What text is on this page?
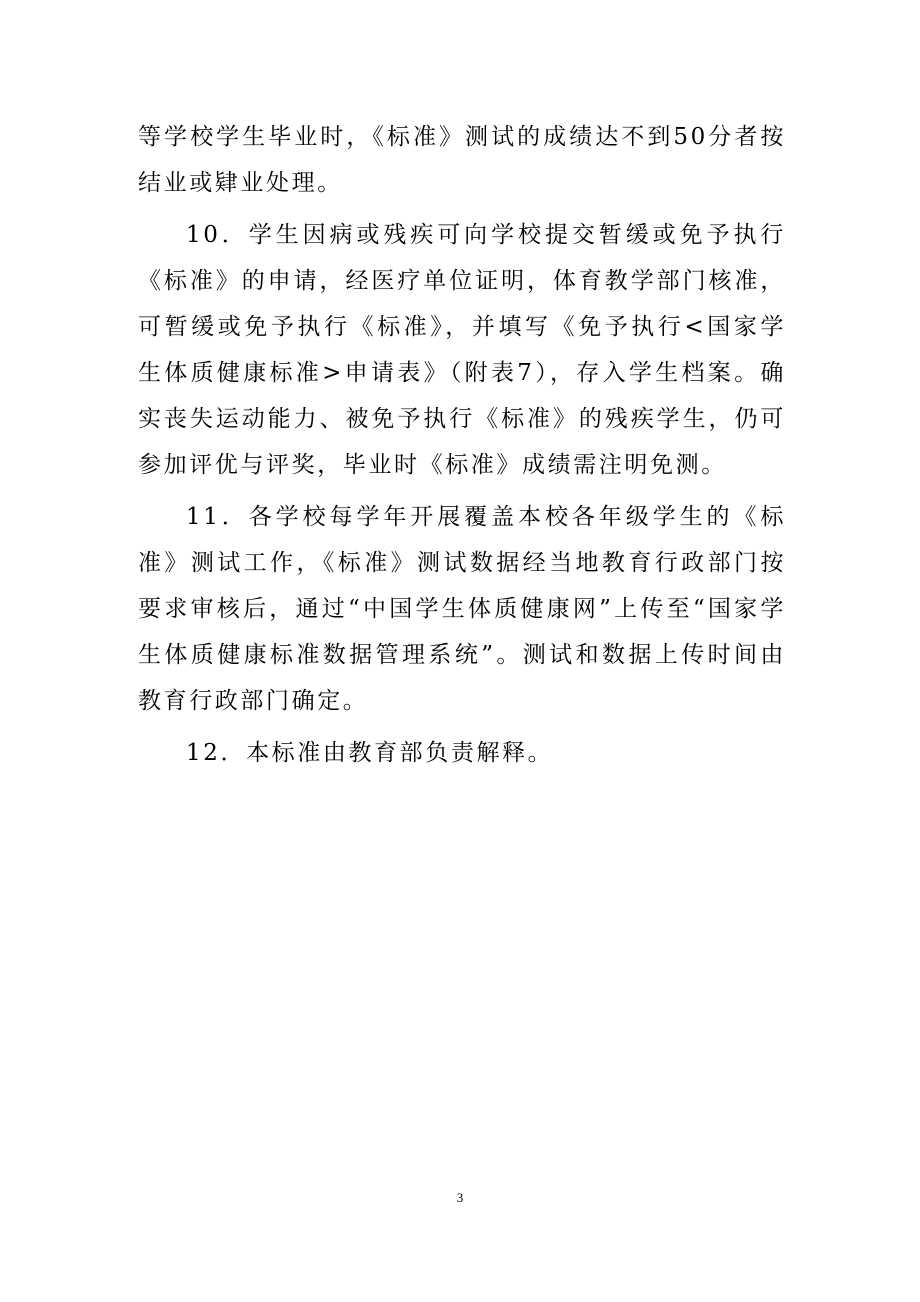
等学校学生毕业时，《标准》测试的成绩达不到50分者按结业或肄业处理。

10．学生因病或残疾可向学校提交暂缓或免予执行《标准》的申请，经医疗单位证明，体育教学部门核准，可暂缓或免予执行《标准》，并填写《免予执行<国家学生体质健康标准>申请表》（附表7），存入学生档案。确实丧失运动能力、被免予执行《标准》的残疾学生，仍可参加评优与评奖，毕业时《标准》成绩需注明免测。

11．各学校每学年开展覆盖本校各年级学生的《标准》测试工作，《标准》测试数据经当地教育行政部门按要求审核后，通过“中国学生体质健康网”上传至“国家学生体质健康标准数据管理系统”。测试和数据上传时间由教育行政部门确定。

12．本标准由教育部负责解释。

3
